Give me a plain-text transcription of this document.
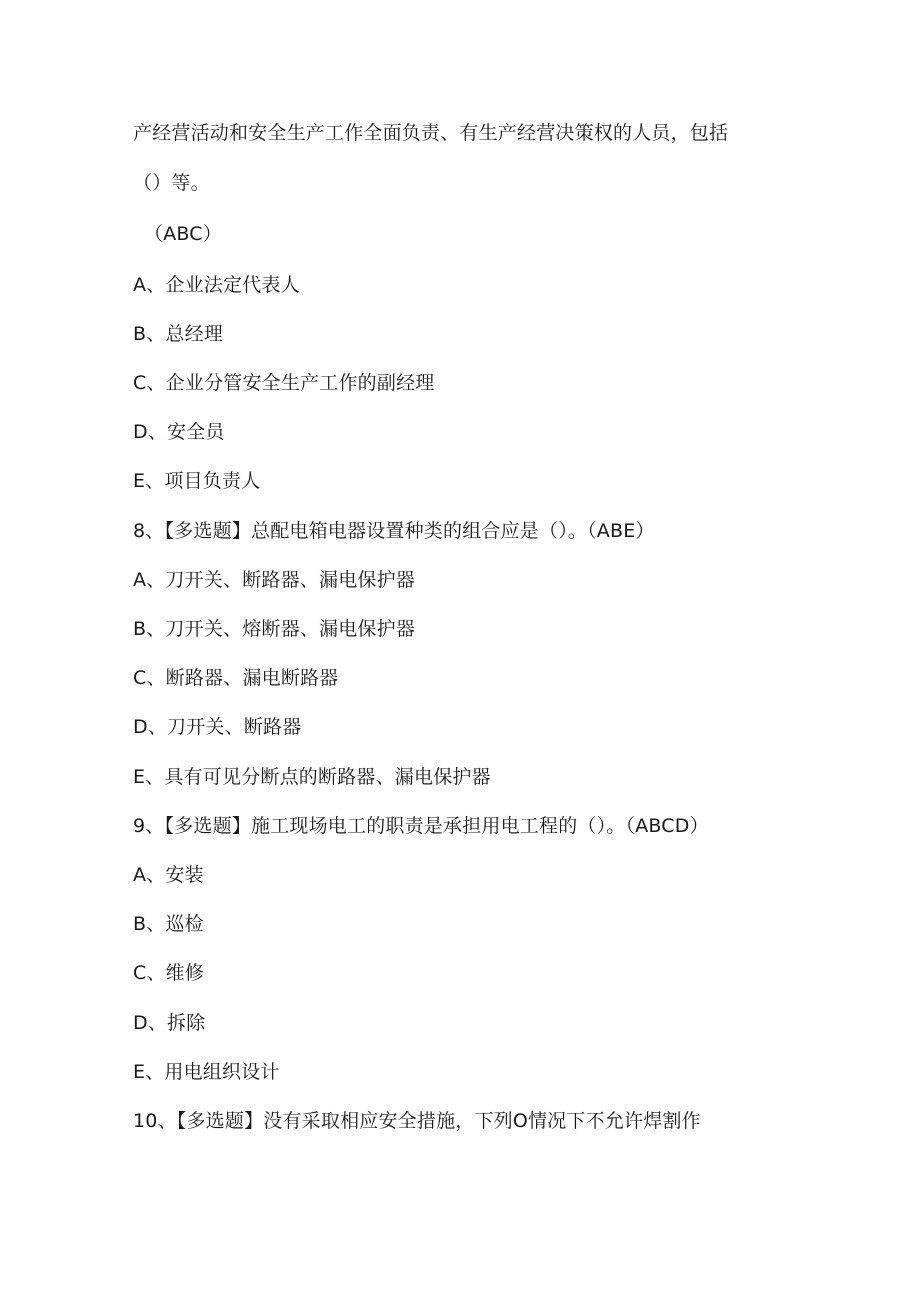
产经营活动和安全生产工作全面负责、有生产经营决策权的人员，包括
（）等。
（ABC）
A、企业法定代表人
B、总经理
C、企业分管安全生产工作的副经理
D、安全员
E、项目负责人
8、【多选题】总配电箱电器设置种类的组合应是（）。（ABE）
A、刀开关、断路器、漏电保护器
B、刀开关、熔断器、漏电保护器
C、断路器、漏电断路器
D、刀开关、断路器
E、具有可见分断点的断路器、漏电保护器
9、【多选题】施工现场电工的职责是承担用电工程的（）。（ABCD）
A、安装
B、巡检
C、维修
D、拆除
E、用电组织设计
10、【多选题】没有采取相应安全措施，下列O情况下不允许焊割作
